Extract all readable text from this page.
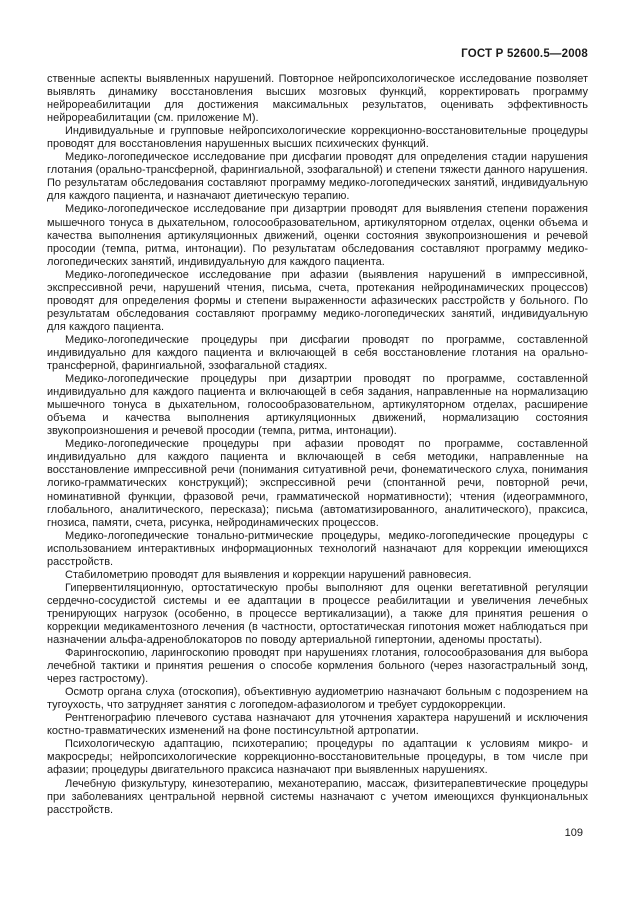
ГОСТ Р 52600.5—2008

ственные аспекты выявленных нарушений. Повторное нейропсихологическое исследование позволяет выявлять динамику восстановления высших мозговых функций, корректировать программу нейрореабилитации для достижения максимальных результатов, оценивать эффективность нейрореабилитации (см. приложение М).

Индивидуальные и групповые нейропсихологические коррекционно-восстановительные процедуры проводят для восстановления нарушенных высших психических функций.

Медико-логопедическое исследование при дисфагии проводят для определения стадии нарушения глотания (орально-трансферной, фарингиальной, эзофагальной) и степени тяжести данного нарушения. По результатам обследования составляют программу медико-логопедических занятий, индивидуальную для каждого пациента, и назначают диетическую терапию.

Медико-логопедическое исследование при дизартрии проводят для выявления степени поражения мышечного тонуса в дыхательном, голосообразовательном, артикуляторном отделах, оценки объема и качества выполнения артикуляционных движений, оценки состояния звукопроизношения и речевой просодии (темпа, ритма, интонации). По результатам обследования составляют программу медико-логопедических занятий, индивидуальную для каждого пациента.

Медико-логопедическое исследование при афазии (выявления нарушений в импрессивной, экспрессивной речи, нарушений чтения, письма, счета, протекания нейродинамических процессов) проводят для определения формы и степени выраженности афазических расстройств у больного. По результатам обследования составляют программу медико-логопедических занятий, индивидуальную для каждого пациента.

Медико-логопедические процедуры при дисфагии проводят по программе, составленной индивидуально для каждого пациента и включающей в себя восстановление глотания на орально-трансферной, фарингиальной, эзофагальной стадиях.

Медико-логопедические процедуры при дизартрии проводят по программе, составленной индивидуально для каждого пациента и включающей в себя задания, направленные на нормализацию мышечного тонуса в дыхательном, голосообразовательном, артикуляторном отделах, расширение объема и качества выполнения артикуляционных движений, нормализацию состояния звукопроизношения и речевой просодии (темпа, ритма, интонации).

Медико-логопедические процедуры при афазии проводят по программе, составленной индивидуально для каждого пациента и включающей в себя методики, направленные на восстановление импрессивной речи (понимания ситуативной речи, фонематического слуха, понимания логико-грамматических конструкций); экспрессивной речи (спонтанной речи, повторной речи, номинативной функции, фразовой речи, грамматической нормативности); чтения (идеограммного, глобального, аналитического, пересказа); письма (автоматизированного, аналитического), праксиса, гнозиса, памяти, счета, рисунка, нейродинамических процессов.

Медико-логопедические тонально-ритмические процедуры, медико-логопедические процедуры с использованием интерактивных информационных технологий назначают для коррекции имеющихся расстройств.

Стабилометрию проводят для выявления и коррекции нарушений равновесия.

Гипервентиляционную, ортостатическую пробы выполняют для оценки вегетативной регуляции сердечно-сосудистой системы и ее адаптации в процессе реабилитации и увеличения лечебных тренирующих нагрузок (особенно, в процессе вертикализации), а также для принятия решения о коррекции медикаментозного лечения (в частности, ортостатическая гипотония может наблюдаться при назначении альфа-адреноблокаторов по поводу артериальной гипертонии, аденомы простаты).

Фарингоскопию, ларингоскопию проводят при нарушениях глотания, голосообразования для выбора лечебной тактики и принятия решения о способе кормления больного (через назогастральный зонд, через гастростому).

Осмотр органа слуха (отоскопия), объективную аудиометрию назначают больным с подозрением на тугоухость, что затрудняет занятия с логопедом-афазиологом и требует сурдокоррекции.

Рентгенографию плечевого сустава назначают для уточнения характера нарушений и исключения костно-травматических изменений на фоне постинсультной артропатии.

Психологическую адаптацию, психотерапию; процедуры по адаптации к условиям микро- и макросреды; нейропсихологические коррекционно-восстановительные процедуры, в том числе при афазии; процедуры двигательного праксиса назначают при выявленных нарушениях.

Лечебную физкультуру, кинезотерапию, механотерапию, массаж, физитерапевтические процедуры при заболеваниях центральной нервной системы назначают с учетом имеющихся функциональных расстройств.

109
